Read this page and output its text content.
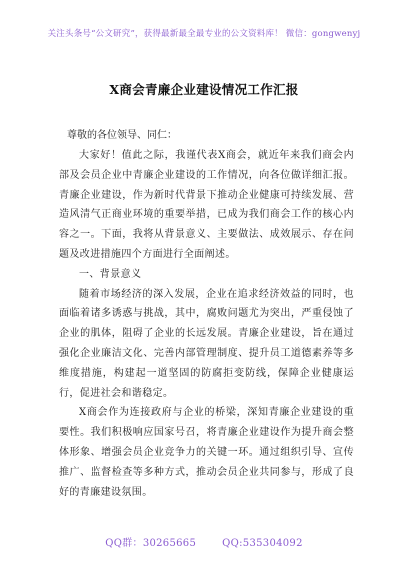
关注头条号“公文研究”，获得最新最全最专业的公文资料库！ 微信：gongwenyj
X商会青廉企业建设情况工作汇报
尊敬的各位领导、同仁：

大家好！值此之际，我谨代表X商会，就近年来我们商会内部及会员企业中青廉企业建设的工作情况，向各位做详细汇报。青廉企业建设，作为新时代背景下推动企业健康可持续发展、营造风清气正商业环境的重要举措，已成为我们商会工作的核心内容之一。下面，我将从背景意义、主要做法、成效展示、存在问题及改进措施四个方面进行全面阐述。

一、背景意义

随着市场经济的深入发展，企业在追求经济效益的同时，也面临着诸多诱惑与挑战，其中，腐败问题尤为突出，严重侵蚀了企业的肌体，阻碍了企业的长远发展。青廉企业建设，旨在通过强化企业廉洁文化、完善内部管理制度、提升员工道德素养等多维度措施，构建起一道坚固的防腐拒变防线，保障企业健康运行，促进社会和谐稳定。

X商会作为连接政府与企业的桥梁，深知青廉企业建设的重要性。我们积极响应国家号召，将青廉企业建设作为提升商会整体形象、增强会员企业竞争力的关键一环。通过组织引导、宣传推广、监督检查等多种方式，推动会员企业共同参与，形成了良好的青廉建设氛围。

QQ群：30265665	QQ:535304092
